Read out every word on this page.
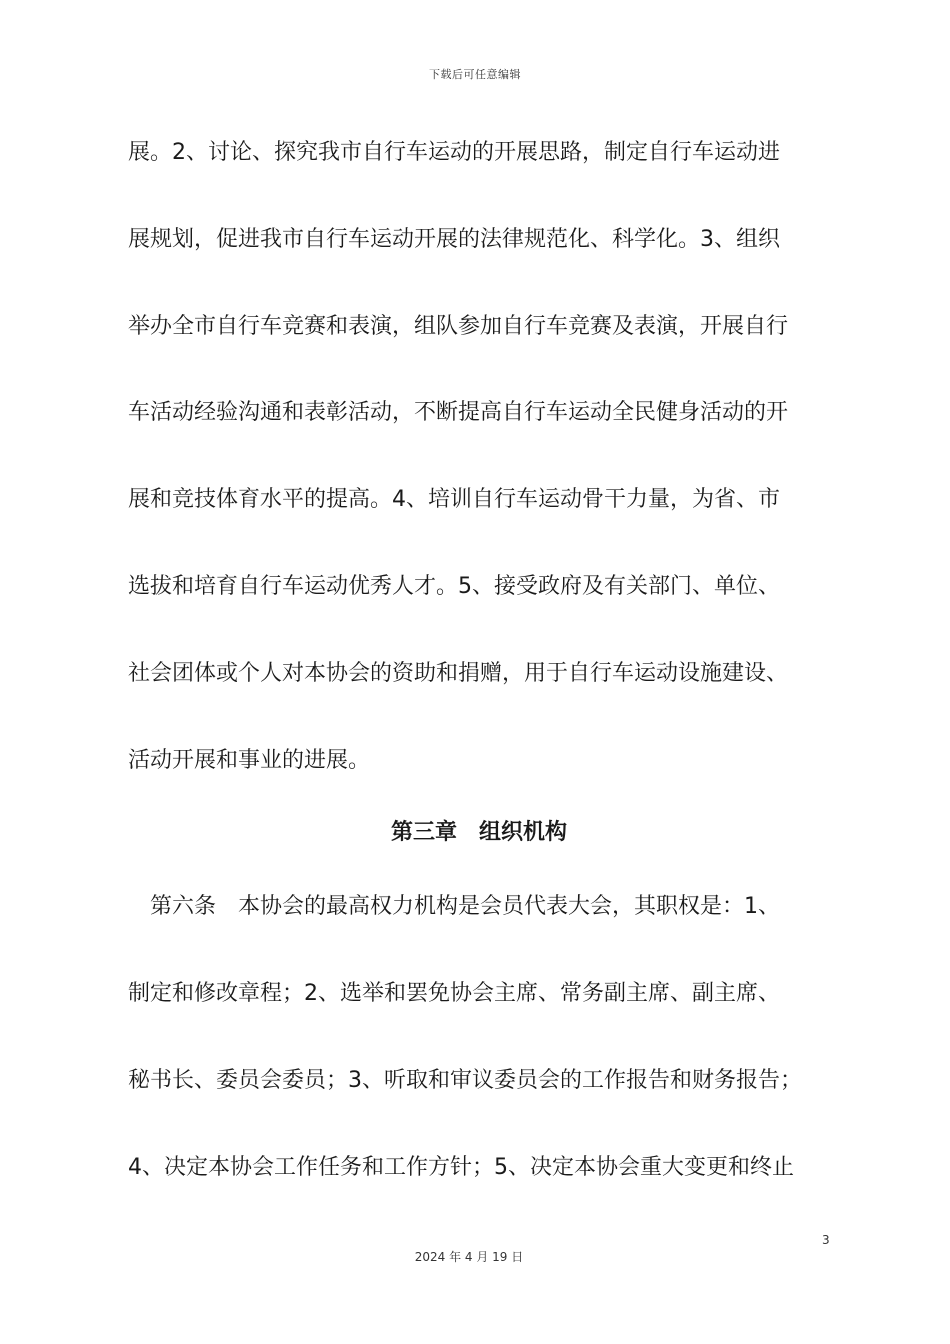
下载后可任意编辑
展。2、讨论、探究我市自行车运动的开展思路，制定自行车运动进
展规划，促进我市自行车运动开展的法律规范化、科学化。3、组织
举办全市自行车竞赛和表演，组队参加自行车竞赛及表演，开展自行
车活动经验沟通和表彰活动，不断提高自行车运动全民健身活动的开
展和竞技体育水平的提高。4、培训自行车运动骨干力量，为省、市
选拔和培育自行车运动优秀人才。5、接受政府及有关部门、单位、
社会团体或个人对本协会的资助和捐赠，用于自行车运动设施建设、
活动开展和事业的进展。
第三章　组织机构
　第六条　本协会的最高权力机构是会员代表大会，其职权是：1、
制定和修改章程；2、选举和罢免协会主席、常务副主席、副主席、
秘书长、委员会委员；3、听取和审议委员会的工作报告和财务报告；
4、决定本协会工作任务和工作方针；5、决定本协会重大变更和终止
3
2024 年 4 月 19 日
